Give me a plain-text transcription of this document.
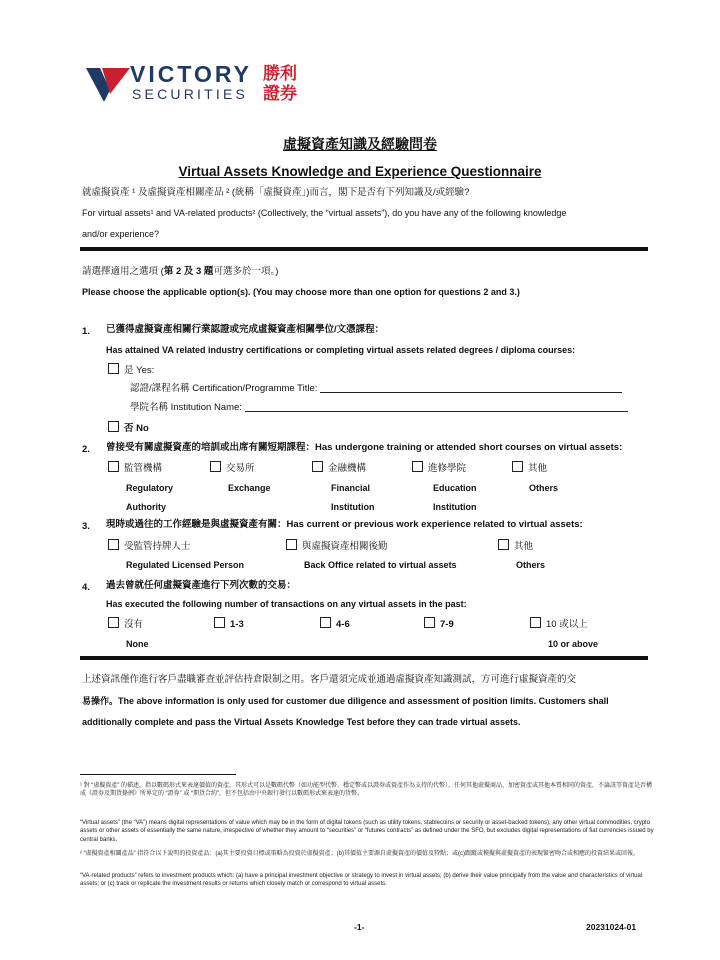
VICTORY
SECURITIES
勝利
證券
虛擬資產知識及經驗問卷
Virtual Assets Knowledge and Experience Questionnaire
就虛擬資產 ¹ 及虛擬資產相關產品 ² (統稱「虛擬資產」)而言，閣下是否有下列知識及/或經驗?
For virtual assets¹ and VA-related products² (Collectively, the “virtual assets”), do you have any of the following knowledge
and/or experience?
請選擇適用之選項 (第 2 及 3 題可選多於一項。)
Please choose the applicable option(s). (You may choose more than one option for questions 2 and 3.)
1. 已獲得虛擬資產相關行業認證或完成虛擬資產相關學位/文憑課程：
Has attained VA related industry certifications or completing virtual assets related degrees / diploma courses:
是 Yes:
認證/課程名稱 Certification/Programme Title:
學院名稱 Institution Name:
否 No
2. 曾接受有關虛擬資產的培訓或出席有關短期課程：Has undergone training or attended short courses on virtual assets:
監管機構
Regulatory
Authority
交易所
Exchange
金融機構
Financial
Institution
進修學院
Education
Institution
其他
Others
3. 現時或過往的工作經驗是與虛擬資產有關：Has current or previous work experience related to virtual assets:
受監管持牌人士
Regulated Licensed Person
與虛擬資產相關後勤
Back Office related to virtual assets
其他
Others
4. 過去曾就任何虛擬資產進行下列次數的交易：
Has executed the following number of transactions on any virtual assets in the past:
沒有
None
1-3	4-6	7-9	10 或以上
10 or above
上述資訊僅作進行客戶盡職審查並評估持倉限制之用。客戶還須完成並通過虛擬資產知識測試，方可進行虛擬資產的交
易操作。The above information is only used for customer due diligence and assessment of position limits. Customers shall
additionally complete and pass the Virtual Assets Knowledge Test before they can trade virtual assets.
¹ 對 “虛擬資產” 的描述，指以數碼形式來表達價值的資產，其形式可以是數碼代幣（如功能型代幣、穩定幣或以證券或資產作為支持的代幣）、任何其他虛擬商品、加密資產或其他本質相同的資產，不論該等資產是否構成《證券及期貨條例》所界定的 “證券” 或 “期貨合約”，但不包括由中央銀行發行以數碼形式來表達的貨幣。
“Virtual assets” (the “VA”) means digital representations of value which may be in the form of digital tokens (such as utility tokens, stablecoins or security or asset-backed tokens), any other virtual commodities, crypto assets or other assets of essentially the same nature, irrespective of whether they amount to “securities” or “futures contracts” as defined under the SFO, but excludes digital representations of fiat currencies issued by central banks.
² “虛擬資產相關產品” 指符合以下說明的投資產品：(a)其主要投資目標或策略為投資於虛擬資產；(b)其價值主要源自虛擬資產的價值及特點；或(c)跟蹤或模擬與虛擬資產的表現緊密吻合或相應的投資結果或回報。
“VA-related products” refers to investment products which: (a) have a principal investment objective or strategy to invest in virtual assets; (b) derive their value principally from the value and characteristics of virtual assets; or (c) track or replicate the investment results or returns which closely match or correspond to virtual assets.
-1-	20231024-01
